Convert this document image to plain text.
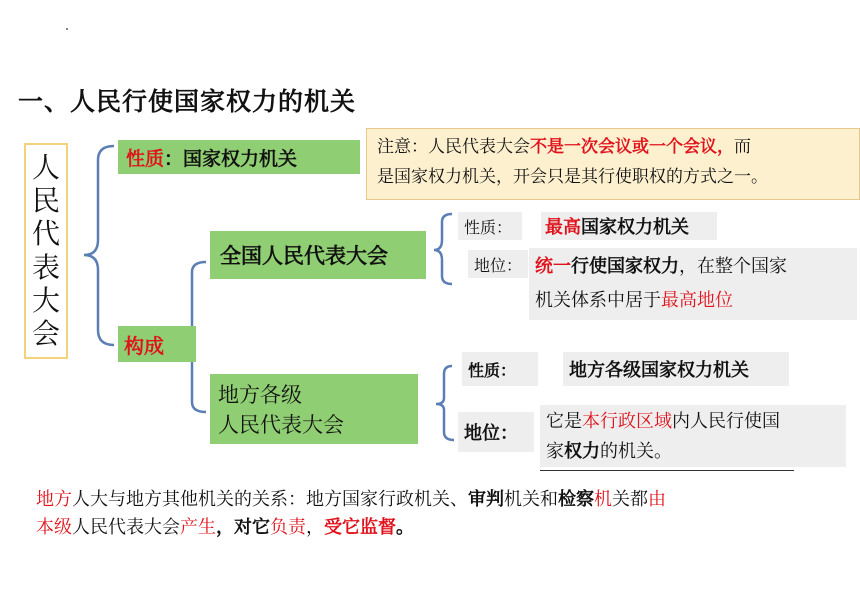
一、人民行使国家权力的机关
人
民
代
表
大
会
性质 ： 国家权力机关
注意：人民代表大会不是一次会议或一个会议，而
是国家权力机关，开会只是其行使职权的方式之一。
构成
全国人民代表大会
性质：	最高 国家权力机关
地位： 统一行使国家权力，在整个国家
机关体系中居于最高地位
地方各级
人民代表大会
性质：	地方各级国家权力机关
地位：
它是本行政区域内人民行使国
家权力的机关。
地方人大与地方其他机关的关系：地方国家行政机关、审判机关和检察机关都由
本级人民代表大会产生，对它负责，受它监督。
